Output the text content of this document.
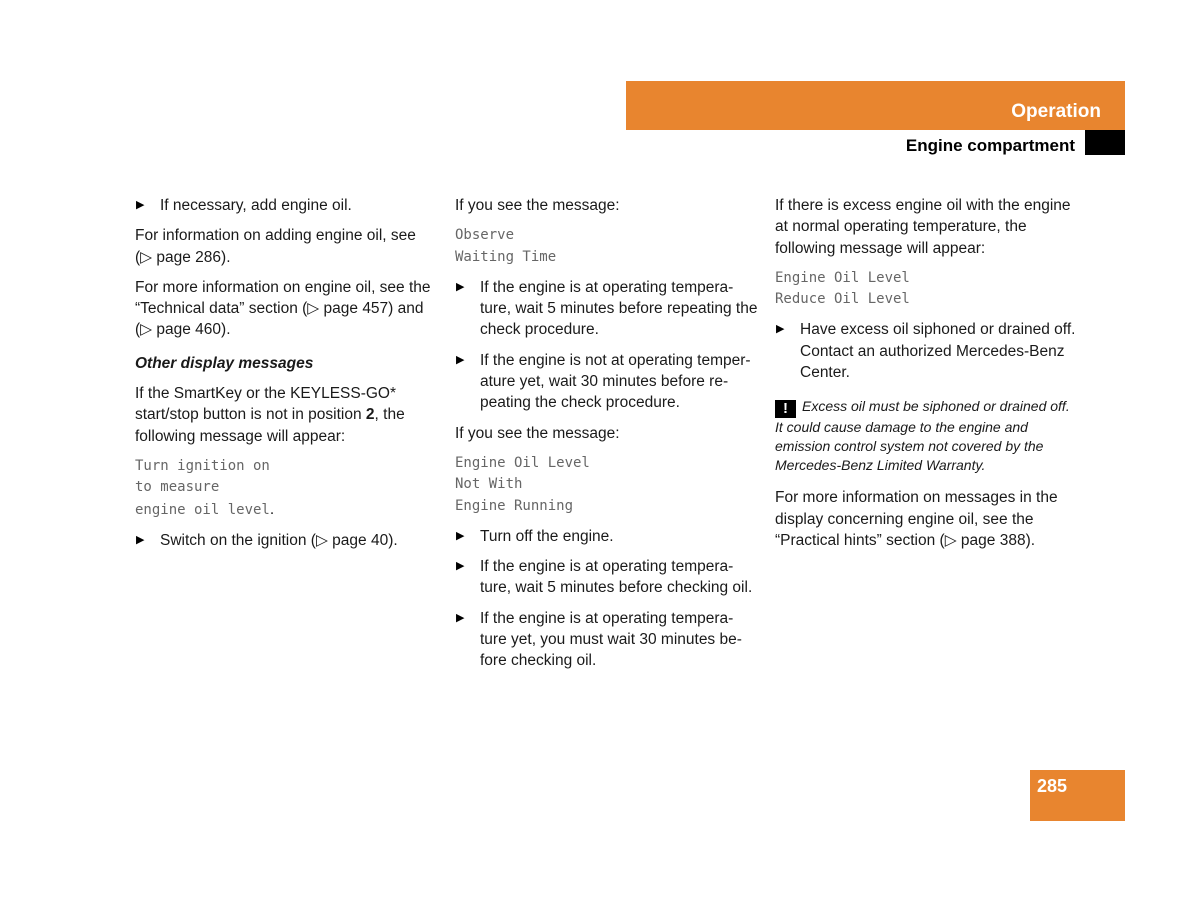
Operation
Engine compartment
▶ If necessary, add engine oil.
For information on adding engine oil, see (▷ page 286).
For more information on engine oil, see the “Technical data” section (▷ page 457) and (▷ page 460).
Other display messages
If the SmartKey or the KEYLESS-GO* start/stop button is not in position 2, the following message will appear:
Turn ignition on
to measure
engine oil level.
▶ Switch on the ignition (▷ page 40).
If you see the message:
Observe
Waiting Time
▶ If the engine is at operating tempera-ture, wait 5 minutes before repeating the check procedure.
▶ If the engine is not at operating temper-ature yet, wait 30 minutes before re-peating the check procedure.
If you see the message:
Engine Oil Level
Not With
Engine Running
▶ Turn off the engine.
▶ If the engine is at operating tempera-ture, wait 5 minutes before checking oil.
▶ If the engine is at operating tempera-ture yet, you must wait 30 minutes be-fore checking oil.
If there is excess engine oil with the engine at normal operating temperature, the following message will appear:
Engine Oil Level
Reduce Oil Level
▶ Have excess oil siphoned or drained off. Contact an authorized Mercedes-Benz Center.
! Excess oil must be siphoned or drained off. It could cause damage to the engine and emission control system not covered by the Mercedes-Benz Limited Warranty.
For more information on messages in the display concerning engine oil, see the “Practical hints” section (▷ page 388).
285
